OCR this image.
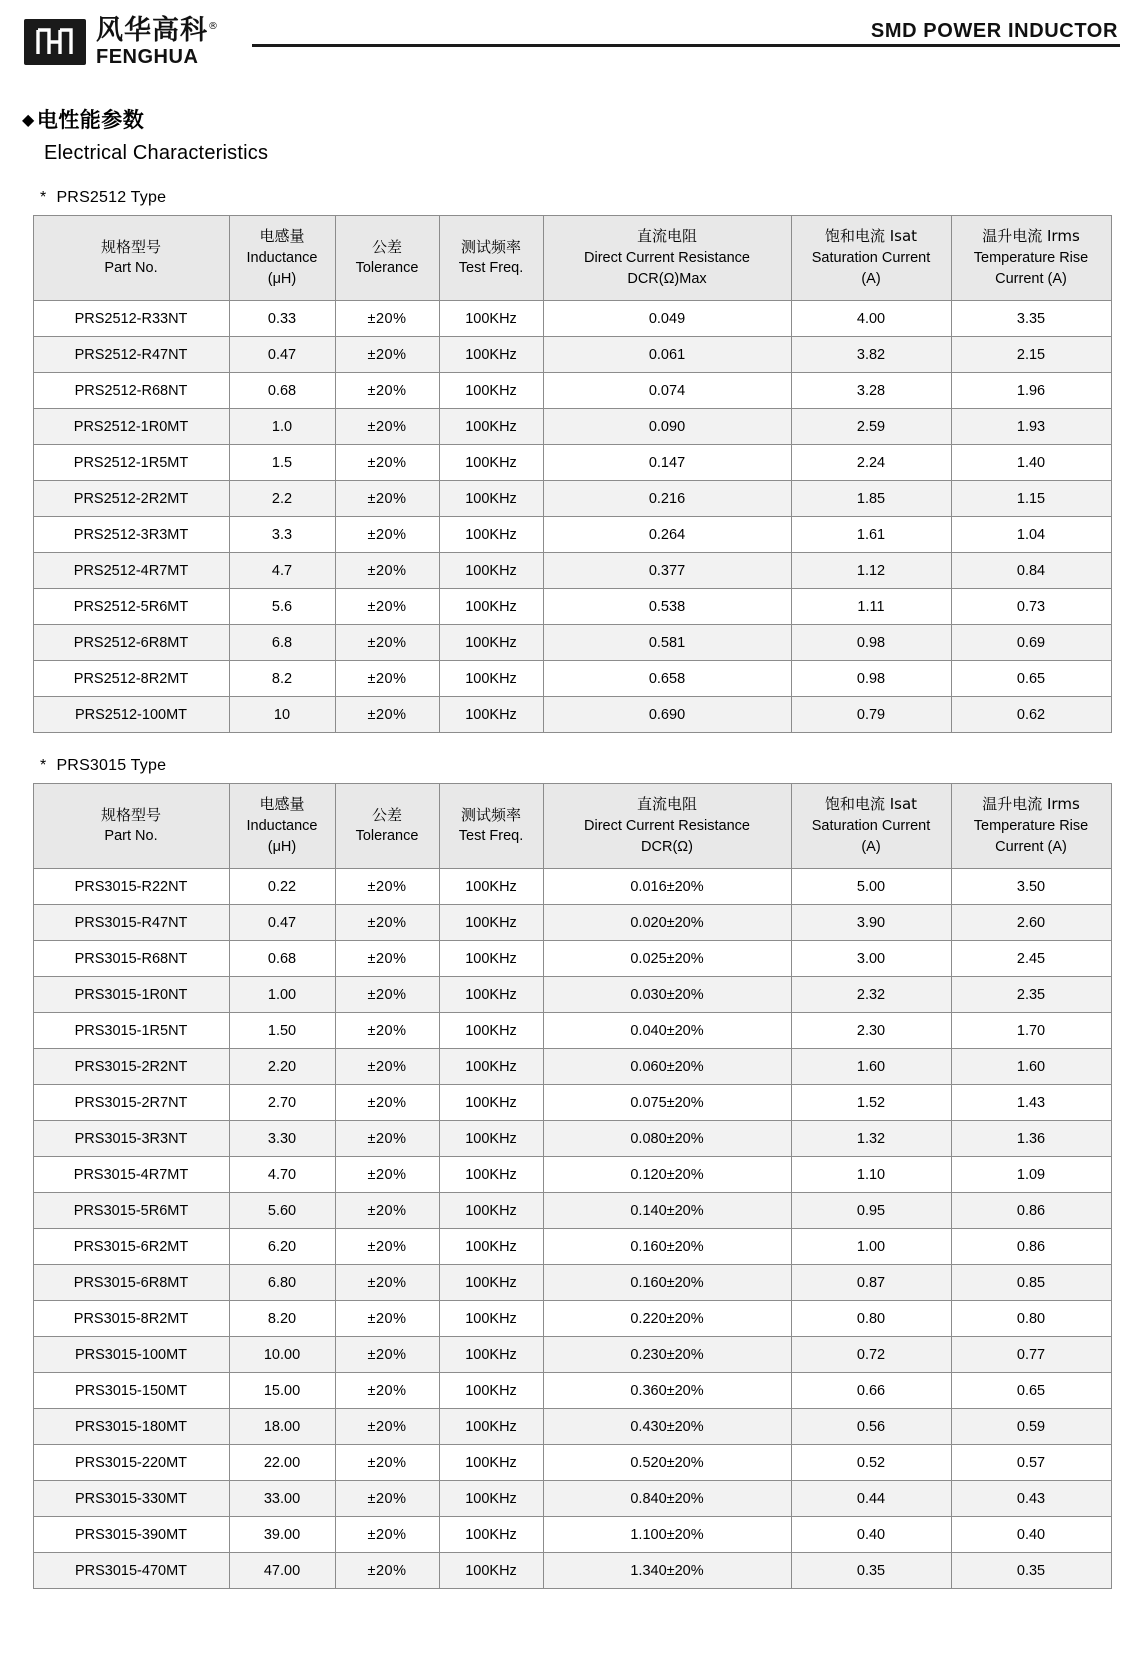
风华高科®
FENGHUA
SMD POWER INDUCTOR
◆电性能参数
Electrical Characteristics
* PRS2512 Type
规格型号
Part No.

电感量
Inductance
(μH)

公差
Tolerance

测试频率
Test Freq.

直流电阻
Direct Current Resistance
DCR(Ω)Max

饱和电流 Isat
Saturation Current
(A)

温升电流 Irms
Temperature Rise
Current (A)

PRS2512-R33NT	0.33	±20%	100KHz	0.049	4.00	3.35
PRS2512-R47NT	0.47	±20%	100KHz	0.061	3.82	2.15
PRS2512-R68NT	0.68	±20%	100KHz	0.074	3.28	1.96
PRS2512-1R0MT	1.0	±20%	100KHz	0.090	2.59	1.93
PRS2512-1R5MT	1.5	±20%	100KHz	0.147	2.24	1.40
PRS2512-2R2MT	2.2	±20%	100KHz	0.216	1.85	1.15
PRS2512-3R3MT	3.3	±20%	100KHz	0.264	1.61	1.04
PRS2512-4R7MT	4.7	±20%	100KHz	0.377	1.12	0.84
PRS2512-5R6MT	5.6	±20%	100KHz	0.538	1.11	0.73
PRS2512-6R8MT	6.8	±20%	100KHz	0.581	0.98	0.69
PRS2512-8R2MT	8.2	±20%	100KHz	0.658	0.98	0.65
PRS2512-100MT	10	±20%	100KHz	0.690	0.79	0.62
* PRS3015 Type
规格型号
Part No.

电感量
Inductance
(μH)

公差
Tolerance

测试频率
Test Freq.

直流电阻
Direct Current Resistance
DCR(Ω)

饱和电流 Isat
Saturation Current
(A)

温升电流 Irms
Temperature Rise
Current (A)

PRS3015-R22NT	0.22	±20%	100KHz	0.016±20%	5.00	3.50
PRS3015-R47NT	0.47	±20%	100KHz	0.020±20%	3.90	2.60
PRS3015-R68NT	0.68	±20%	100KHz	0.025±20%	3.00	2.45
PRS3015-1R0NT	1.00	±20%	100KHz	0.030±20%	2.32	2.35
PRS3015-1R5NT	1.50	±20%	100KHz	0.040±20%	2.30	1.70
PRS3015-2R2NT	2.20	±20%	100KHz	0.060±20%	1.60	1.60
PRS3015-2R7NT	2.70	±20%	100KHz	0.075±20%	1.52	1.43
PRS3015-3R3NT	3.30	±20%	100KHz	0.080±20%	1.32	1.36
PRS3015-4R7MT	4.70	±20%	100KHz	0.120±20%	1.10	1.09
PRS3015-5R6MT	5.60	±20%	100KHz	0.140±20%	0.95	0.86
PRS3015-6R2MT	6.20	±20%	100KHz	0.160±20%	1.00	0.86
PRS3015-6R8MT	6.80	±20%	100KHz	0.160±20%	0.87	0.85
PRS3015-8R2MT	8.20	±20%	100KHz	0.220±20%	0.80	0.80
PRS3015-100MT	10.00	±20%	100KHz	0.230±20%	0.72	0.77
PRS3015-150MT	15.00	±20%	100KHz	0.360±20%	0.66	0.65
PRS3015-180MT	18.00	±20%	100KHz	0.430±20%	0.56	0.59
PRS3015-220MT	22.00	±20%	100KHz	0.520±20%	0.52	0.57
PRS3015-330MT	33.00	±20%	100KHz	0.840±20%	0.44	0.43
PRS3015-390MT	39.00	±20%	100KHz	1.100±20%	0.40	0.40
PRS3015-470MT	47.00	±20%	100KHz	1.340±20%	0.35	0.35
